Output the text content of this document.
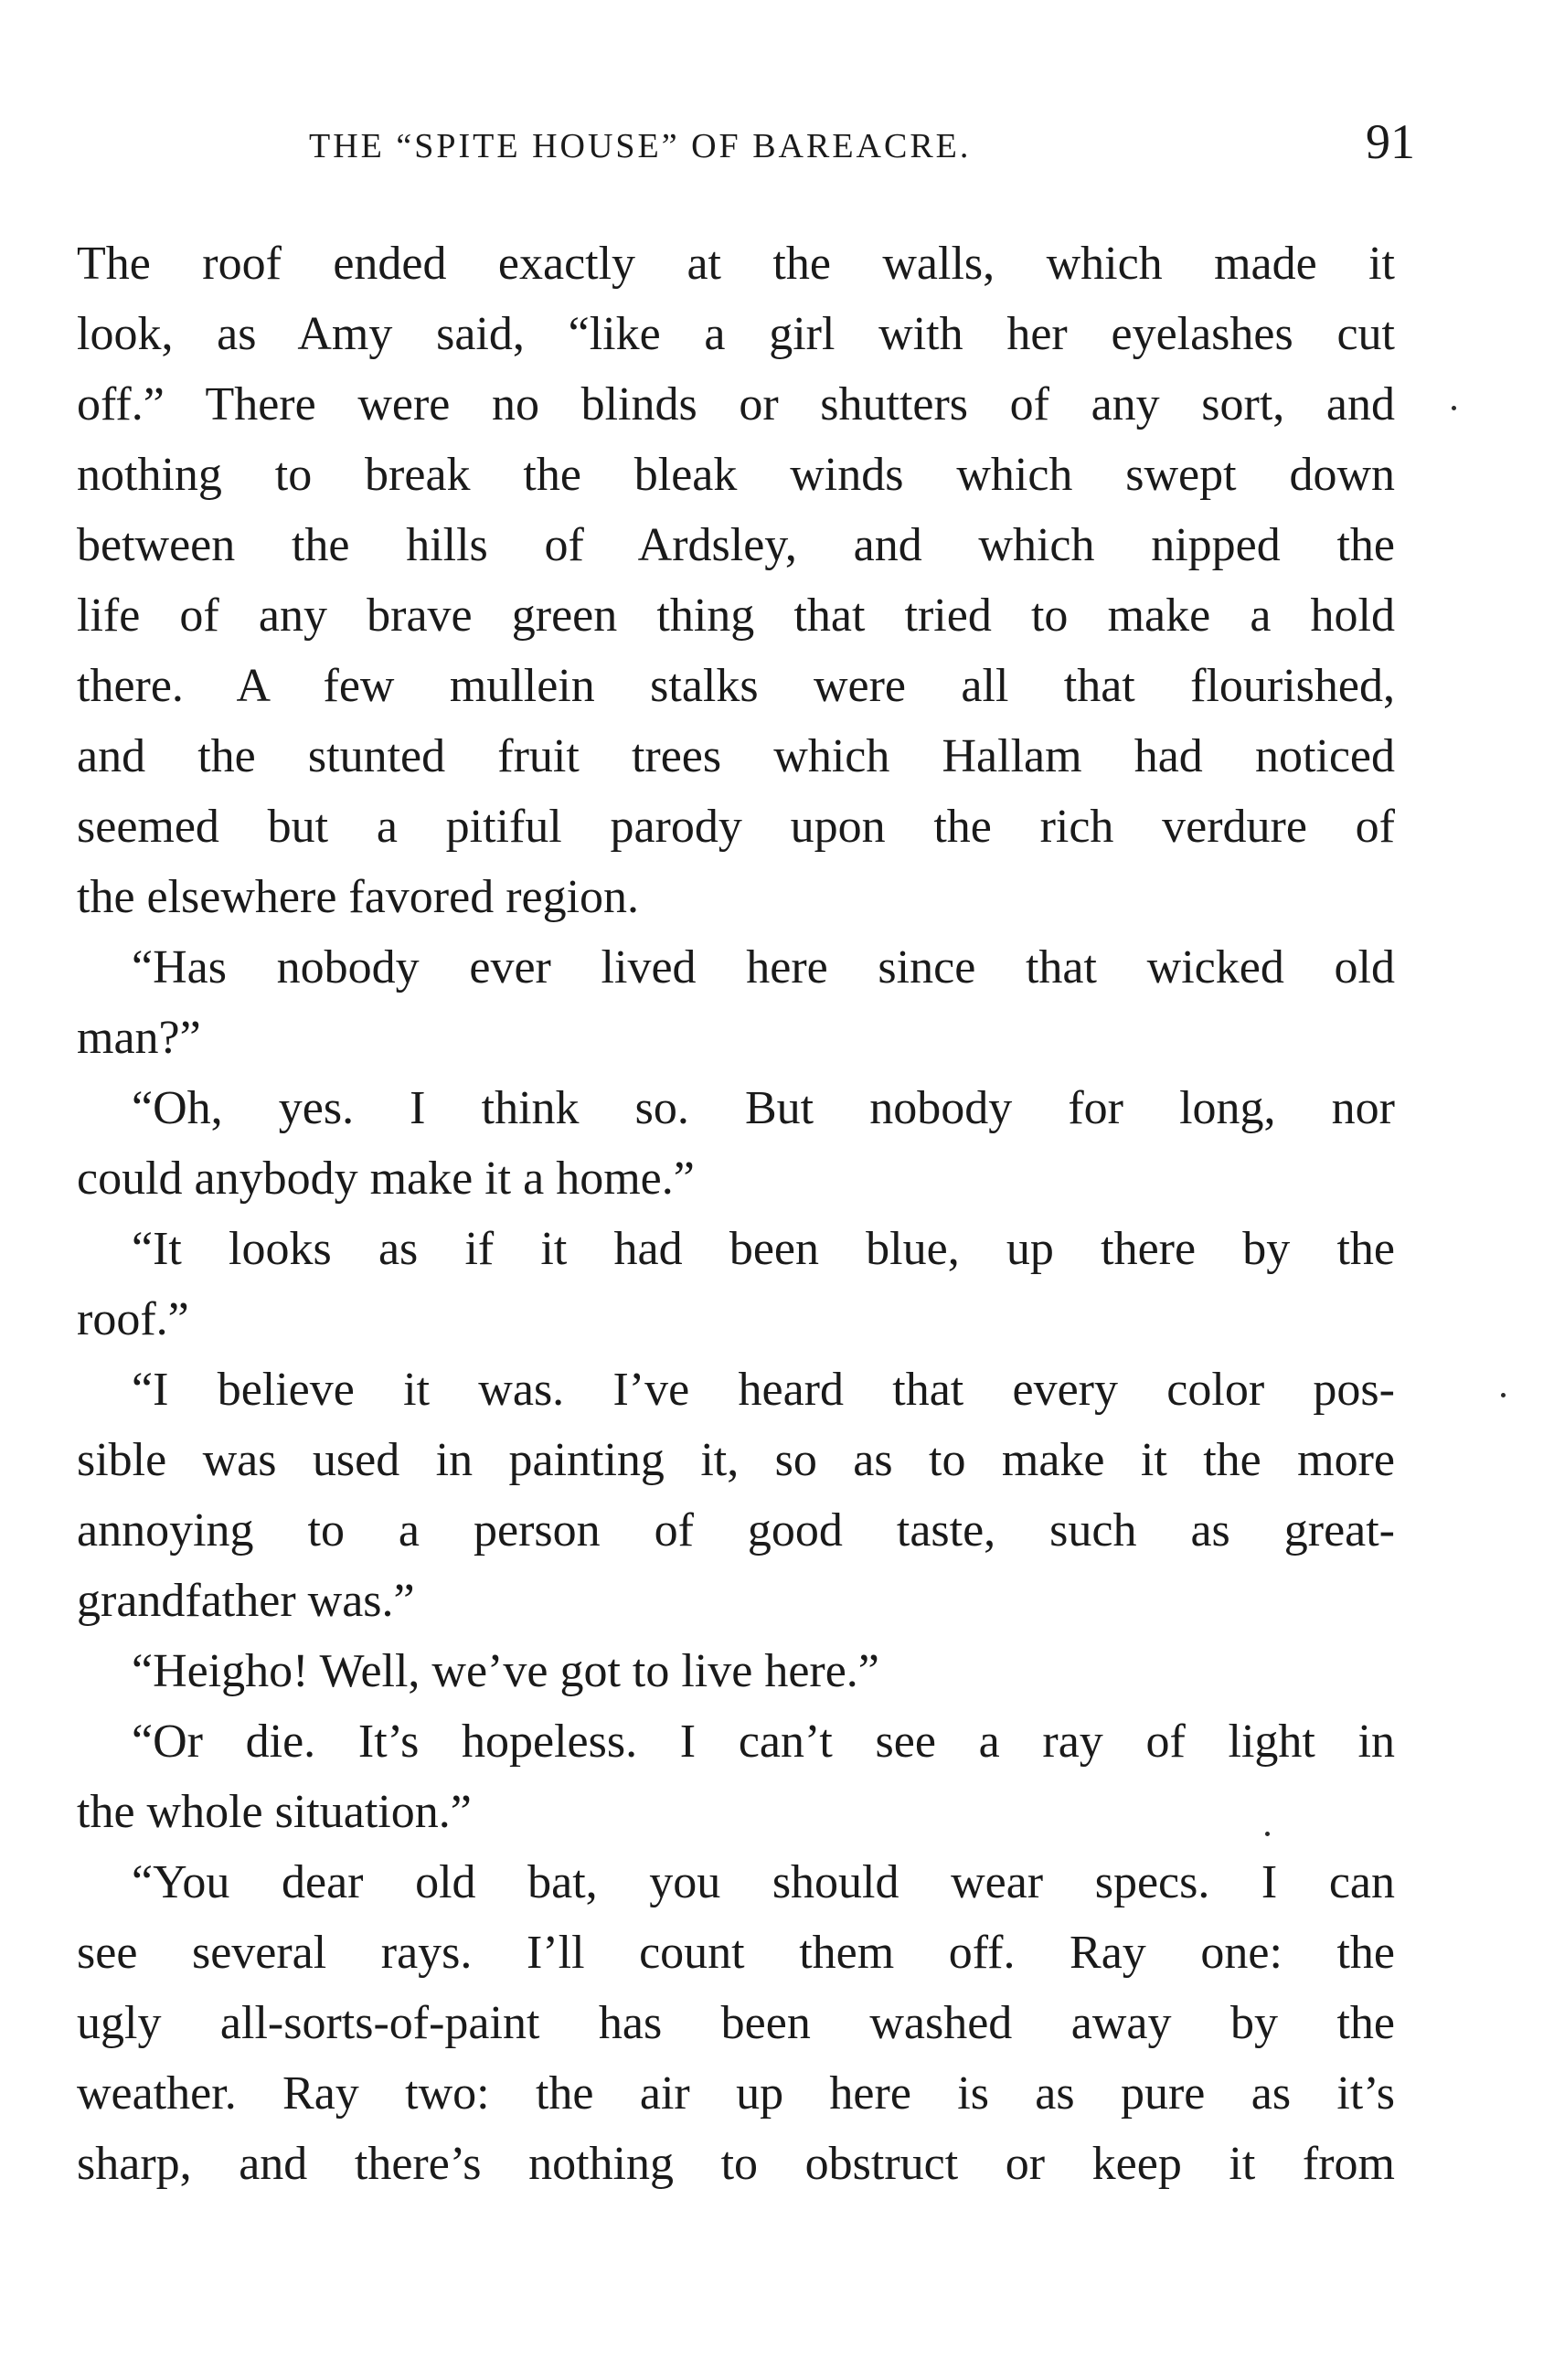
THE “SPITE HOUSE” OF BAREACRE.	91
The roof ended exactly at the walls, which made it
look, as Amy said, “like a girl with her eyelashes cut
off.” There were no blinds or shutters of any sort, and
nothing to break the bleak winds which swept down
between the hills of Ardsley, and which nipped the
life of any brave green thing that tried to make a hold
there. A few mullein stalks were all that flourished,
and the stunted fruit trees which Hallam had noticed
seemed but a pitiful parody upon the rich verdure of
the elsewhere favored region.
“Has nobody ever lived here since that wicked old
man?”
“Oh, yes. I think so. But nobody for long, nor
could anybody make it a home.”
“It looks as if it had been blue, up there by the
roof.”
“I believe it was. I’ve heard that every color pos-
sible was used in painting it, so as to make it the more
annoying to a person of good taste, such as great-
grandfather was.”
“Heigho! Well, we’ve got to live here.”
“Or die. It’s hopeless. I can’t see a ray of light in
the whole situation.”
“You dear old bat, you should wear specs. I can
see several rays. I’ll count them off. Ray one: the
ugly all-sorts-of-paint has been washed away by the
weather. Ray two: the air up here is as pure as it’s
sharp, and there’s nothing to obstruct or keep it from
